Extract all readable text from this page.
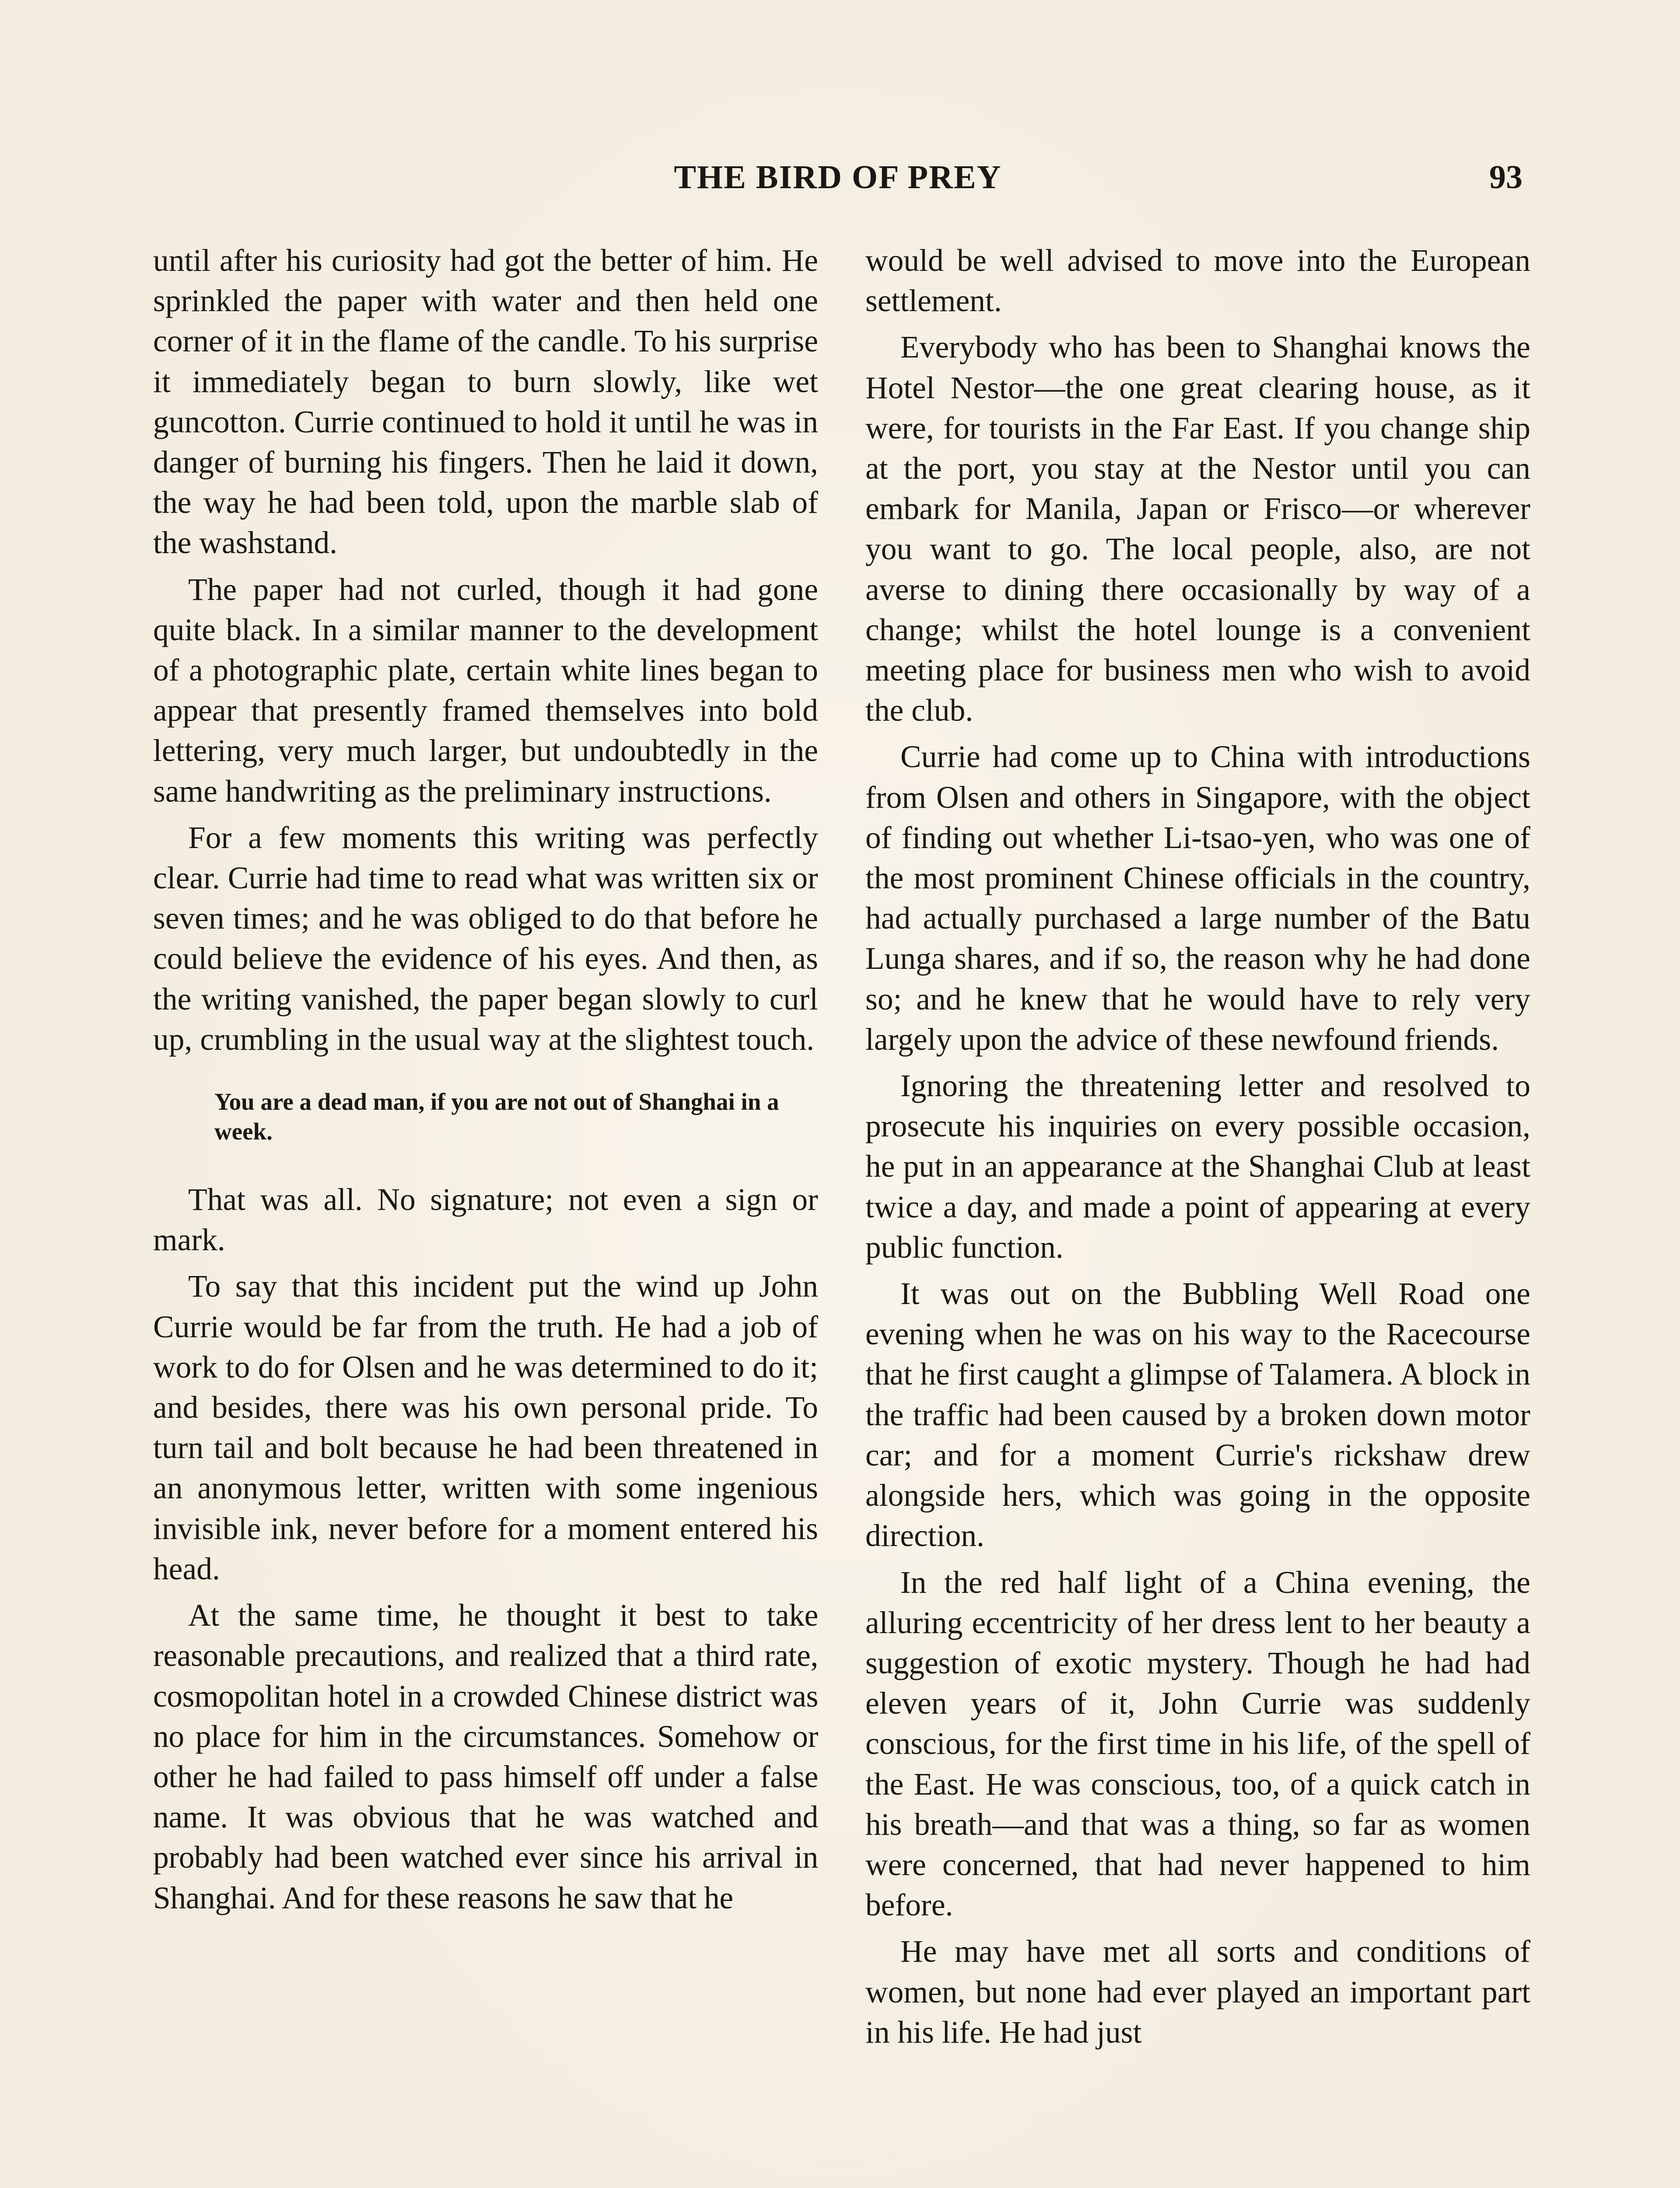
THE BIRD OF PREY	93

until after his curiosity had got the better of him. He sprinkled the paper with water and then held one corner of it in the flame of the candle. To his surprise it immediately began to burn slowly, like wet guncotton. Currie continued to hold it until he was in danger of burning his fingers. Then he laid it down, the way he had been told, upon the marble slab of the washstand.

The paper had not curled, though it had gone quite black. In a similar manner to the development of a photographic plate, certain white lines began to appear that presently framed themselves into bold lettering, very much larger, but undoubtedly in the same handwriting as the preliminary instructions.

For a few moments this writing was perfectly clear. Currie had time to read what was written six or seven times; and he was obliged to do that before he could believe the evidence of his eyes. And then, as the writing vanished, the paper began slowly to curl up, crumbling in the usual way at the slightest touch.

You are a dead man, if you are not out of Shanghai in a week.

That was all. No signature; not even a sign or mark.

To say that this incident put the wind up John Currie would be far from the truth. He had a job of work to do for Olsen and he was determined to do it; and besides, there was his own personal pride. To turn tail and bolt because he had been threatened in an anonymous letter, written with some ingenious invisible ink, never before for a moment entered his head.

At the same time, he thought it best to take reasonable precautions, and realized that a third rate, cosmopolitan hotel in a crowded Chinese district was no place for him in the circumstances. Somehow or other he had failed to pass himself off under a false name. It was obvious that he was watched and probably had been watched ever since his arrival in Shanghai. And for these reasons he saw that he

would be well advised to move into the European settlement.

Everybody who has been to Shanghai knows the Hotel Nestor—the one great clearing house, as it were, for tourists in the Far East. If you change ship at the port, you stay at the Nestor until you can embark for Manila, Japan or Frisco—or wherever you want to go. The local people, also, are not averse to dining there occasionally by way of a change; whilst the hotel lounge is a convenient meeting place for business men who wish to avoid the club.

Currie had come up to China with introductions from Olsen and others in Singapore, with the object of finding out whether Li-tsao-yen, who was one of the most prominent Chinese officials in the country, had actually purchased a large number of the Batu Lunga shares, and if so, the reason why he had done so; and he knew that he would have to rely very largely upon the advice of these newfound friends.

Ignoring the threatening letter and resolved to prosecute his inquiries on every possible occasion, he put in an appearance at the Shanghai Club at least twice a day, and made a point of appearing at every public function.

It was out on the Bubbling Well Road one evening when he was on his way to the Racecourse that he first caught a glimpse of Talamera. A block in the traffic had been caused by a broken down motor car; and for a moment Currie's rickshaw drew alongside hers, which was going in the opposite direction.

In the red half light of a China evening, the alluring eccentricity of her dress lent to her beauty a suggestion of exotic mystery. Though he had had eleven years of it, John Currie was suddenly conscious, for the first time in his life, of the spell of the East. He was conscious, too, of a quick catch in his breath—and that was a thing, so far as women were concerned, that had never happened to him before.

He may have met all sorts and conditions of women, but none had ever played an important part in his life. He had just
